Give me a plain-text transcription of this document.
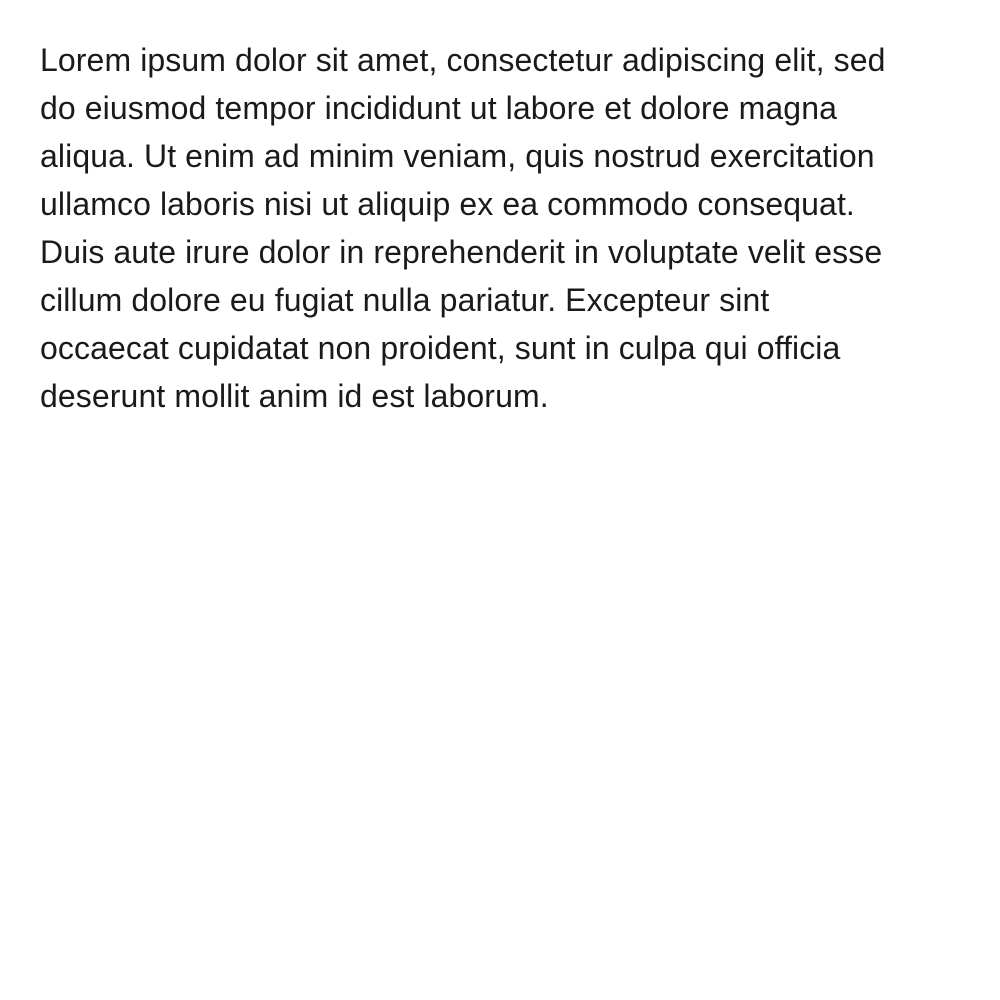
Lorem ipsum dolor sit amet, consectetur adipiscing elit, sed
do eiusmod tempor incididunt ut labore et dolore magna
aliqua. Ut enim ad minim veniam, quis nostrud exercitation
ullamco laboris nisi ut aliquip ex ea commodo consequat.
Duis aute irure dolor in reprehenderit in voluptate velit esse
cillum dolore eu fugiat nulla pariatur. Excepteur sint
occaecat cupidatat non proident, sunt in culpa qui officia
deserunt mollit anim id est laborum.
